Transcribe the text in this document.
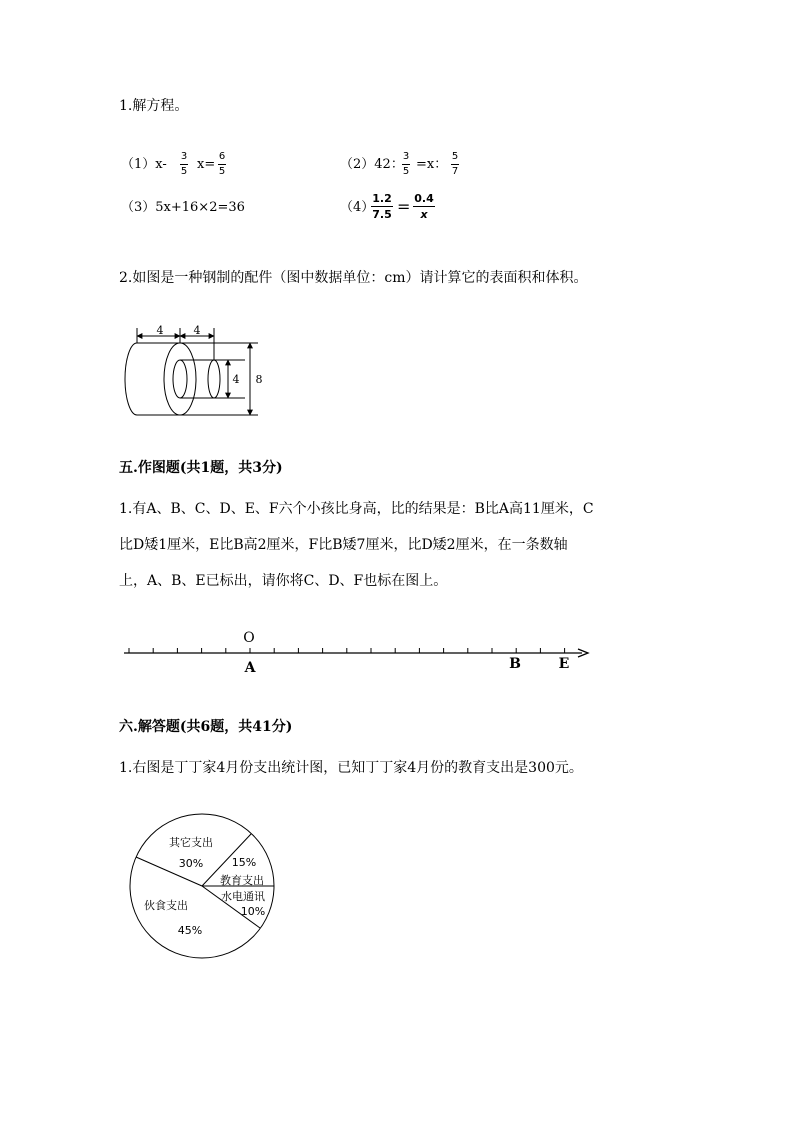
1.解方程。
（1）x-
3
5 x=
6
5	（2）42：
3
5 =x：
5
7
（3）5x+16×2=36	（4）
1.2
7.5 = 0.4
x
2.如图是一种钢制的配件（图中数据单位：cm）请计算它的表面积和体积。
4	4
4 8
五.作图题(共1题，共3分)
1.有A、B、C、D、E、F六个小孩比身高，比的结果是：B比A高11厘米，C
比D矮1厘米，E比B高2厘米，F比B矮7厘米，比D矮2厘米，在一条数轴
上，A、B、E已标出，请你将C、D、F也标在图上。
O
A	B	E
六.解答题(共6题，共41分)
1.右图是丁丁家4月份支出统计图，已知丁丁家4月份的教育支出是300元。
其它支出
30%	15%
教育支出
水电通讯
10%
伙食支出
45%
